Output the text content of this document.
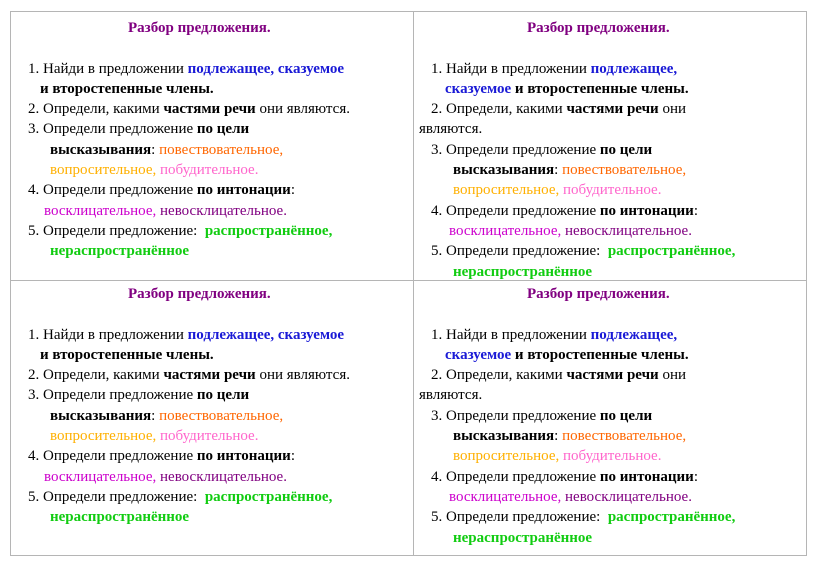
Разбор предложения.
1. Найди в предложении подлежащее, сказуемое
и второстепенные члены.
2. Определи, какими частями речи они являются.
3. Определи предложение по цели
высказывания: повествовательное,
вопросительное, побудительное.
4. Определи предложение по интонации:
восклицательное, невосклицательное.
5. Определи предложение: распространённое,
нераспространённое
Разбор предложения.
1. Найди в предложении подлежащее,
сказуемое и второстепенные члены.
2. Определи, какими частями речи они
являются.
3. Определи предложение по цели
высказывания: повествовательное,
вопросительное, побудительное.
4. Определи предложение по интонации:
восклицательное, невосклицательное.
5. Определи предложение: распространённое,
нераспространённое
Разбор предложения.
1. Найди в предложении подлежащее, сказуемое
и второстепенные члены.
2. Определи, какими частями речи они являются.
3. Определи предложение по цели
высказывания: повествовательное,
вопросительное, побудительное.
4. Определи предложение по интонации:
восклицательное, невосклицательное.
5. Определи предложение: распространённое,
нераспространённое
Разбор предложения.
1. Найди в предложении подлежащее,
сказуемое и второстепенные члены.
2. Определи, какими частями речи они
являются.
3. Определи предложение по цели
высказывания: повествовательное,
вопросительное, побудительное.
4. Определи предложение по интонации:
восклицательное, невосклицательное.
5. Определи предложение: распространённое,
нераспространённое
